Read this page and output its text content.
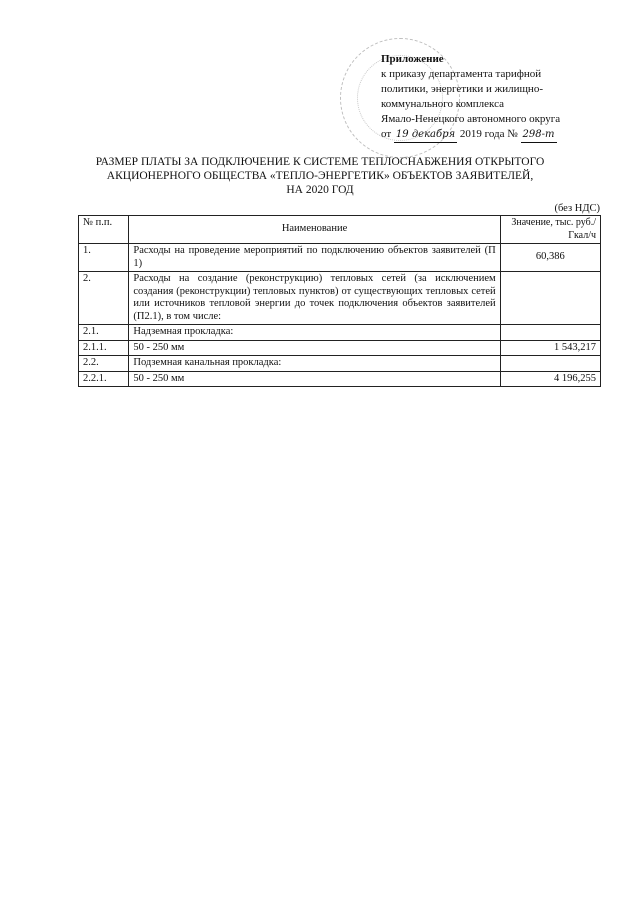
Приложение
к приказу департамента тарифной
политики, энергетики и жилищно-
коммунального комплекса
Ямало-Ненецкого автономного округа
от 19 декабря 2019 года № 298-т
РАЗМЕР ПЛАТЫ ЗА ПОДКЛЮЧЕНИЕ К СИСТЕМЕ ТЕПЛОСНАБЖЕНИЯ ОТКРЫТОГО
АКЦИОНЕРНОГО ОБЩЕСТВА «ТЕПЛО-ЭНЕРГЕТИК» ОБЪЕКТОВ ЗАЯВИТЕЛЕЙ,
НА 2020 ГОД
(без НДС)
№ п.п.	Наименование	Значение, тыс. руб./Гкал/ч
1.	Расходы на проведение мероприятий по подключению объектов заявителей (П 1)	60,386
2.	Расходы на создание (реконструкцию) тепловых сетей (за исключением создания (реконструкции) тепловых пунктов) от существующих тепловых сетей или источников тепловой энергии до точек подключения объектов заявителей (П2.1), в том числе:	
2.1.	Надземная прокладка:	
2.1.1.	50 - 250 мм	1 543,217
2.2.	Подземная канальная прокладка:	
2.2.1.	50 - 250 мм	4 196,255
